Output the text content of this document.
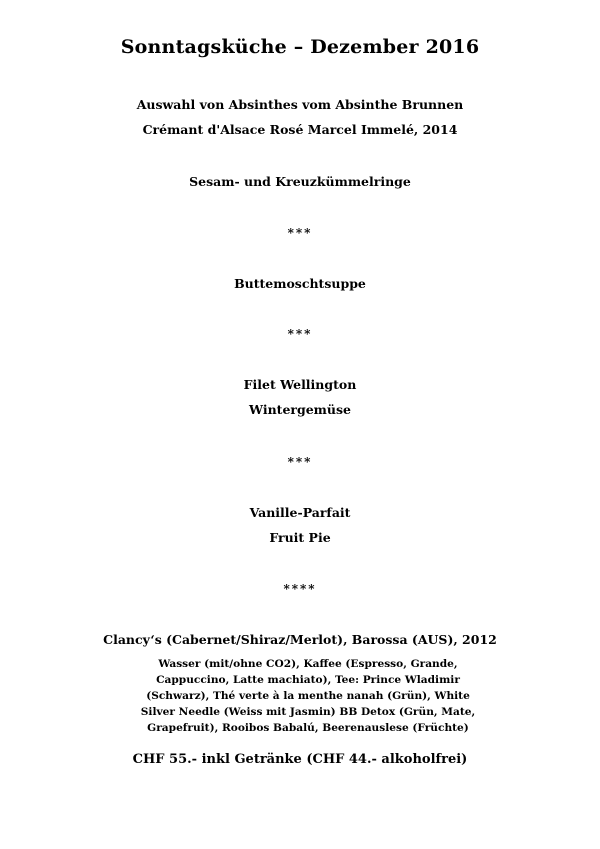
Sonntagsküche – Dezember 2016
Auswahl von Absinthes vom Absinthe Brunnen
Crémant d'Alsace Rosé Marcel Immelé, 2014
Sesam- und Kreuzkümmelringe
***
Buttemoschtsuppe
***
Filet Wellington
Wintergemüse
***
Vanille-Parfait
Fruit Pie
****
Clancy‘s (Cabernet/Shiraz/Merlot), Barossa (AUS), 2012
Wasser (mit/ohne CO2), Kaffee (Espresso, Grande, Cappuccino, Latte machiato), Tee: Prince Wladimir (Schwarz), Thé verte à la menthe nanah (Grün), White Silver Needle (Weiss mit Jasmin) BB Detox (Grün, Mate, Grapefruit), Rooibos Babalú, Beerenauslese (Früchte)
CHF 55.- inkl Getränke (CHF 44.- alkoholfrei)
